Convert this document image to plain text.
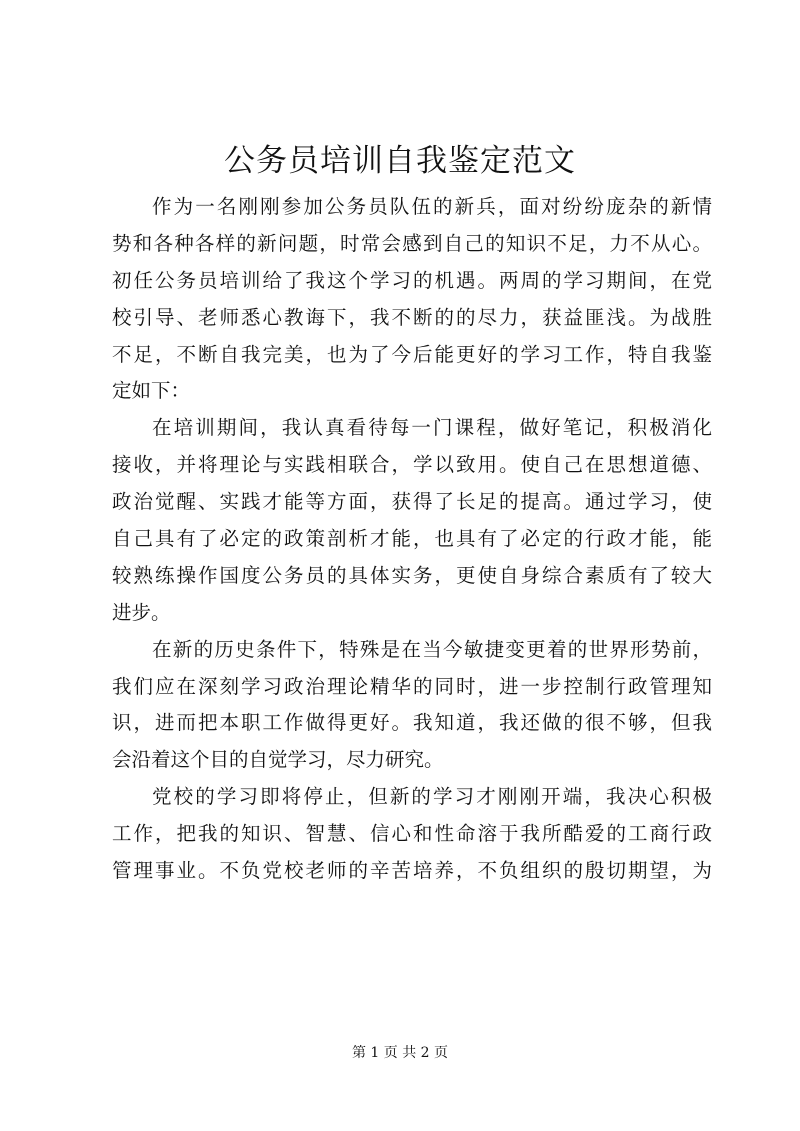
公务员培训自我鉴定范文
作为一名刚刚参加公务员队伍的新兵，面对纷纷庞杂的新情
势和各种各样的新问题，时常会感到自己的知识不足，力不从心。
初任公务员培训给了我这个学习的机遇。两周的学习期间，在党
校引导、老师悉心教诲下，我不断的的尽力，获益匪浅。为战胜
不足，不断自我完美，也为了今后能更好的学习工作，特自我鉴
定如下：
在培训期间，我认真看待每一门课程，做好笔记，积极消化
接收，并将理论与实践相联合，学以致用。使自己在思想道德、
政治觉醒、实践才能等方面，获得了长足的提高。通过学习，使
自己具有了必定的政策剖析才能，也具有了必定的行政才能，能
较熟练操作国度公务员的具体实务，更使自身综合素质有了较大
进步。
在新的历史条件下，特殊是在当今敏捷变更着的世界形势前，
我们应在深刻学习政治理论精华的同时，进一步控制行政管理知
识，进而把本职工作做得更好。我知道，我还做的很不够，但我
会沿着这个目的自觉学习，尽力研究。
党校的学习即将停止，但新的学习才刚刚开端，我决心积极
工作，把我的知识、智慧、信心和性命溶于我所酷爱的工商行政
管理事业。不负党校老师的辛苦培养，不负组织的殷切期望，为
第 1 页 共 2 页
